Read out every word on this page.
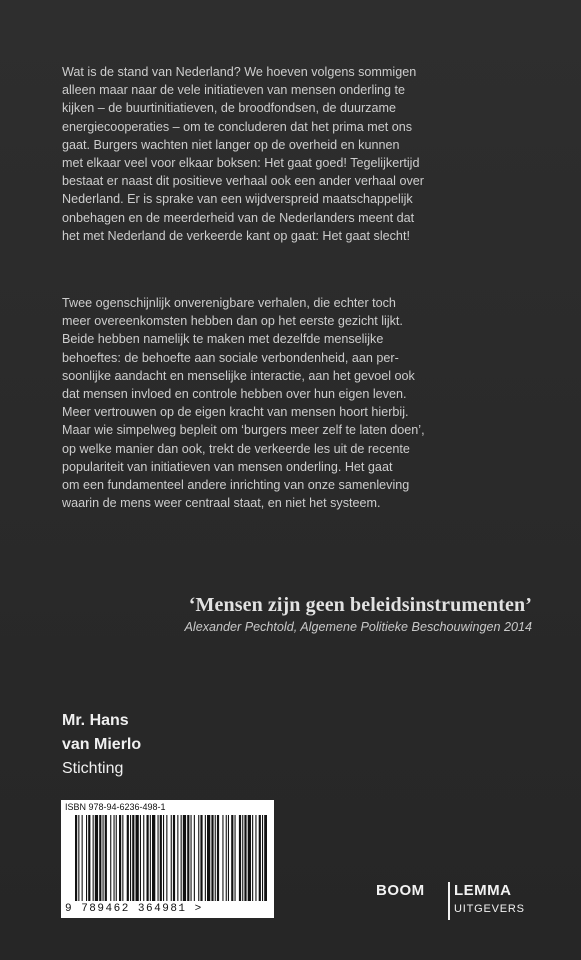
Wat is de stand van Nederland? We hoeven volgens sommigen
alleen maar naar de vele initiatieven van mensen onderling te
kijken – de buurtinitiatieven, de broodfondsen, de duurzame
energiecooperaties – om te concluderen dat het prima met ons
gaat. Burgers wachten niet langer op de overheid en kunnen
met elkaar veel voor elkaar boksen: Het gaat goed! Tegelijkertijd
bestaat er naast dit positieve verhaal ook een ander verhaal over
Nederland. Er is sprake van een wijdverspreid maatschappelijk
onbehagen en de meerderheid van de Nederlanders meent dat
het met Nederland de verkeerde kant op gaat: Het gaat slecht!
Twee ogenschijnlijk onverenigbare verhalen, die echter toch
meer overeenkomsten hebben dan op het eerste gezicht lijkt.
Beide hebben namelijk te maken met dezelfde menselijke
behoeftes: de behoefte aan sociale verbondenheid, aan per-
soonlijke aandacht en menselijke interactie, aan het gevoel ook
dat mensen invloed en controle hebben over hun eigen leven.
Meer vertrouwen op de eigen kracht van mensen hoort hierbij.
Maar wie simpelweg bepleit om ‘burgers meer zelf te laten doen’,
op welke manier dan ook, trekt de verkeerde les uit de recente
populariteit van initiatieven van mensen onderling. Het gaat
om een fundamenteel andere inrichting van onze samenleving
waarin de mens weer centraal staat, en niet het systeem.
‘Mensen zijn geen beleidsinstrumenten’
Alexander Pechtold, Algemene Politieke Beschouwingen 2014
Mr. Hans
van Mierlo
Stichting
ISBN 978-94-6236-498-1
9 789462 364981 >
BOOM LEMMA
UITGEVERS
